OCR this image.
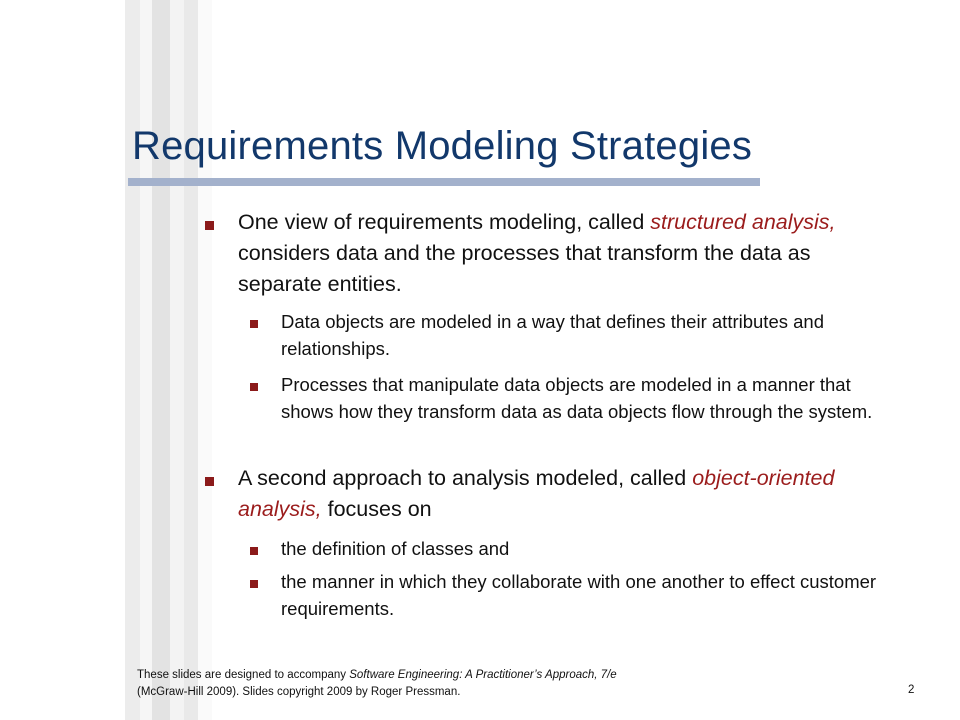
Requirements Modeling Strategies
One view of requirements modeling, called structured analysis, considers data and the processes that transform the data as separate entities.
Data objects are modeled in a way that defines their attributes and relationships.
Processes that manipulate data objects are modeled in a manner that shows how they transform data as data objects flow through the system.
A second approach to analysis modeled, called object-oriented analysis, focuses on
the definition of classes and
the manner in which they collaborate with one another to effect customer requirements.
These slides are designed to accompany Software Engineering: A Practitioner’s Approach, 7/e
(McGraw-Hill 2009). Slides copyright 2009 by Roger Pressman.	2
